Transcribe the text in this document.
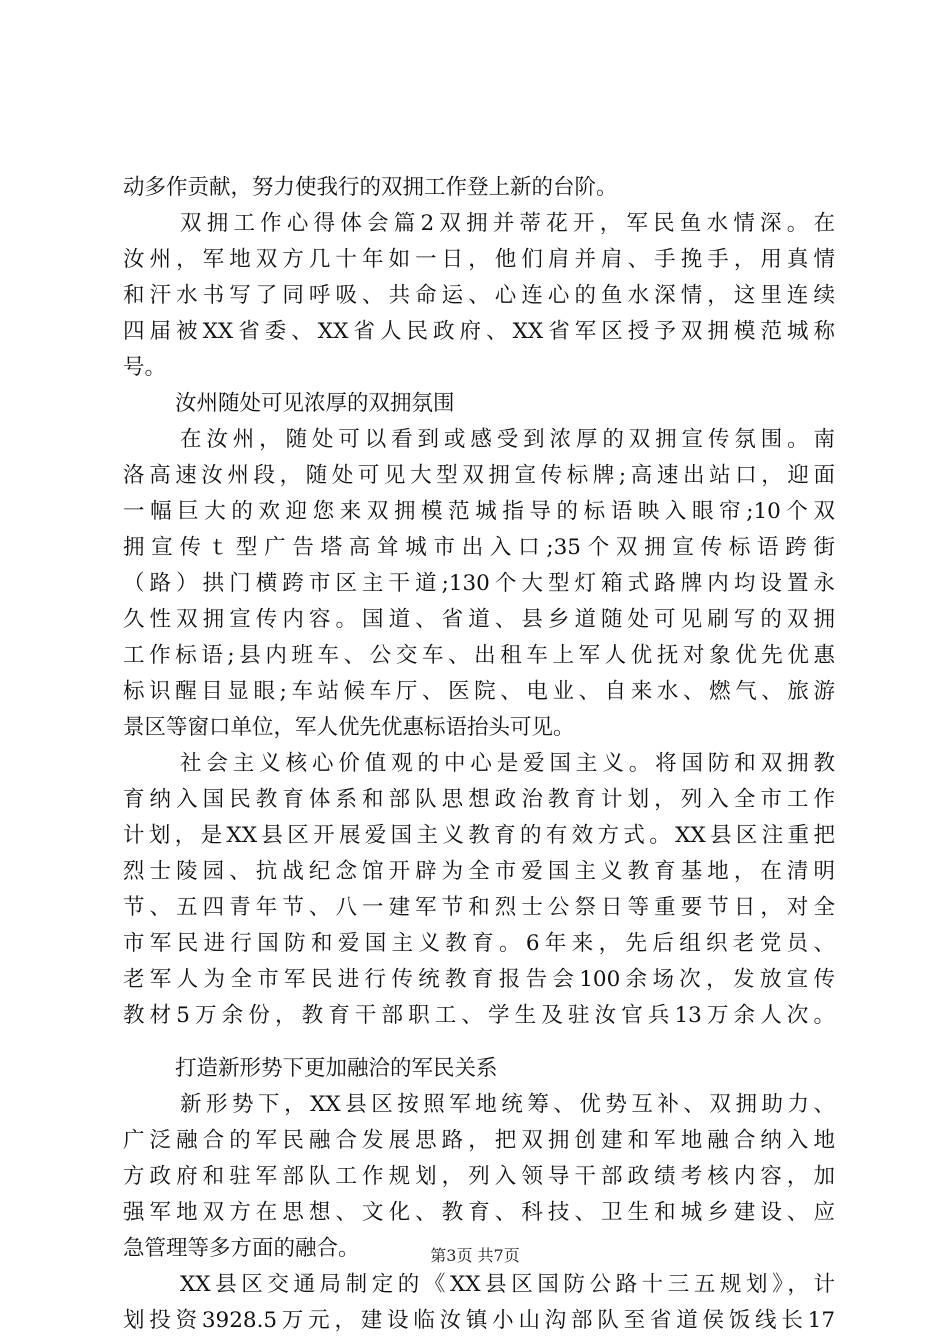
动多作贡献，努力使我行的双拥工作登上新的台阶。
双拥工作心得体会篇2双拥并蒂花开，军民鱼水情深。在
汝州，军地双方几十年如一日，他们肩并肩、手挽手，用真情
和汗水书写了同呼吸、共命运、心连心的鱼水深情，这里连续
四届被XX省委、XX省人民政府、XX省军区授予双拥模范城称
号。
汝州随处可见浓厚的双拥氛围
在汝州，随处可以看到或感受到浓厚的双拥宣传氛围。南
洛高速汝州段，随处可见大型双拥宣传标牌;高速出站口，迎面
一幅巨大的欢迎您来双拥模范城指导的标语映入眼帘;10个双
拥宣传ｔ型广告塔高耸城市出入口;35个双拥宣传标语跨街
（路）拱门横跨市区主干道;130个大型灯箱式路牌内均设置永
久性双拥宣传内容。国道、省道、县乡道随处可见刷写的双拥
工作标语;县内班车、公交车、出租车上军人优抚对象优先优惠
标识醒目显眼;车站候车厅、医院、电业、自来水、燃气、旅游
景区等窗口单位，军人优先优惠标语抬头可见。
社会主义核心价值观的中心是爱国主义。将国防和双拥教
育纳入国民教育体系和部队思想政治教育计划，列入全市工作
计划，是XX县区开展爱国主义教育的有效方式。XX县区注重把
烈士陵园、抗战纪念馆开辟为全市爱国主义教育基地，在清明
节、五四青年节、八一建军节和烈士公祭日等重要节日，对全
市军民进行国防和爱国主义教育。6年来，先后组织老党员、
老军人为全市军民进行传统教育报告会100余场次，发放宣传
教材5万余份，教育干部职工、学生及驻汝官兵13万余人次。
打造新形势下更加融洽的军民关系
新形势下，XX县区按照军地统筹、优势互补、双拥助力、
广泛融合的军民融合发展思路，把双拥创建和军地融合纳入地
方政府和驻军部队工作规划，列入领导干部政绩考核内容，加
强军地双方在思想、文化、教育、科技、卫生和城乡建设、应
急管理等多方面的融合。
XX县区交通局制定的《XX县区国防公路十三五规划》，计
划投资3928.5万元，建设临汝镇小山沟部队至省道侯饭线长17
第3页 共7页
